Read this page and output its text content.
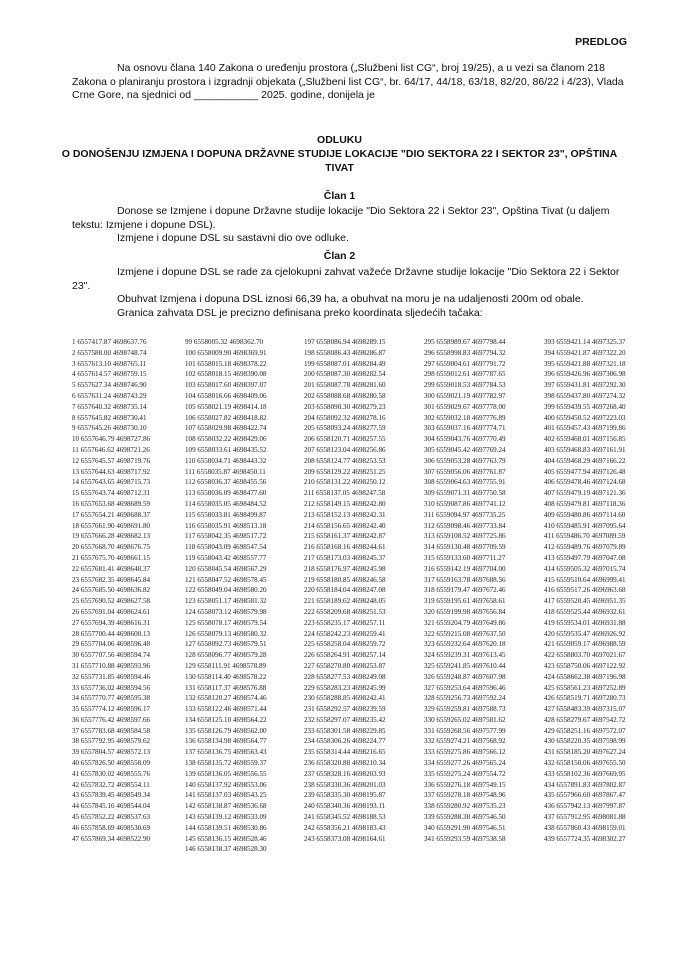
PREDLOG

Na osnovu člana 140 Zakona o uređenju prostora („Službeni list CG“, broj 19/25), a u vezi sa članom 218 Zakona o planiranju prostora i izgradnji objekata („Službeni list CG“, br. 64/17, 44/18, 63/18, 82/20, 86/22 i 4/23), Vlada Crne Gore, na sjednici od ___________ 2025. godine, donijela je

ODLUKU
O DONOŠENJU IZMJENA I DOPUNA DRŽAVNE STUDIJE LOKACIJE "DIO SEKTORA 22 I SEKTOR 23", OPŠTINA TIVAT
Član 1

Donose se Izmjene i dopune Državne studije lokacije "Dio Sektora 22 i Sektor 23", Opština Tivat (u daljem tekstu: Izmjene i dopune DSL).

Izmjene i dopune DSL su sastavni dio ove odluke.

Član 2

Izmjene i dopune DSL se rade za cjelokupni zahvat važeće Državne studije lokacije "Dio Sektora 22 i Sektor 23".

Obuhvat Izmjena i dopuna DSL iznosi 66,39 ha, a obuhvat na moru je na udaljenosti 200m od obale.

Granica zahvata DSL je precizno definisana preko koordinata sljedećih tačaka:

1 6557417.87 4698637.76
2 6557588.00 4698748.74
3 6557613.10 4698765.11
4 6557614.57 4698759.15
5 6557627.34 4698746.90
6 6557631.24 4698743.29
7 6557640.32 4698735.14
8 6557645.82 4698730.41
9 6557645.26 4698730.10
10 6557646.79 4698727.86
11 6557646.62 4698721.26
12 6557645.57 4698719.76
13 6557644.63 4698717.92
14 6557643.65 4698715.73
15 6557643.74 4698712.31
16 6557653.68 4698689.59
17 6557654.21 4698688.37
18 6557661.90 4698691.80
19 6557666.28 4698682.13
20 6557668.70 4698676.75
21 6557675.70 4698661.15
22 6557681.41 4698648.37
23 6557682.35 4698645.84
24 6557685.50 4698636.82
25 6557690.52 4698627.58
26 6557691.04 4698624.61
27 6557694.39 4698616.31
28 6557700.44 4698600.13
29 6557704.06 4698596.48
30 6557707.56 4698594.74
31 6557710.88 4698593.96
32 6557731.85 4698594.46
33 6557736.02 4698594.56
34 6557770.77 4698595.38
35 6557774.12 4698596.17
36 6557776.42 4698597.66
37 6557783.68 4698584.58
38 6557792.95 4698579.62
39 6557804.57 4698572.13
40 6557826.50 4698558.09
41 6557830.02 4698555.76
42 6557832.72 4698554.11
43 6557839.45 4698549.34
44 6557845.16 4698544.04
45 6557852.22 4698537.63
46 6557858.69 4698530.69
47 6557869.34 4698522.90
99 6558005.32 4698362.70
100 6558009.90 4698369.91
101 6558015.18 4698378.22
102 6558018.15 4698390.08
103 6558017.60 4698397.07
104 6558016.66 4698409.06
105 6558021.19 4698414.18
106 6558027.82 4698418.82
107 6558029.98 4698422.74
108 6558032.22 4698429.06
109 6558033.61 4698435.52
110 6558034.71 4698443.32
111 6558035.87 4698450.11
112 6558036.37 4698455.56
113 6558036.09 4698477.60
114 6558035.05 4698484.52
115 6558033.81 4698499.87
116 6558035.91 4698513.18
117 6558042.35 4698517.72
118 6558043.09 4698547.54
119 6558043.42 4698557.77
120 6558045.54 4698567.29
121 6558047.52 4698578.45
122 6558049.04 4698580.20
123 6558051.17 4698581.32
124 6558073.12 4698579.98
125 6558078.17 4698579.54
126 6558079.13 4698580.32
127 6558092.73 4698579.51
128 6558096.77 4698579.28
129 6558111.91 4698578.89
130 6558114.40 4698578.22
131 6558117.37 4698576.88
132 6558120.27 4698574.46
133 6558122.46 4698571.44
134 6558125.10 4698564.22
135 6558126.79 4698562.00
136 6558134.98 4698564.77
137 6558136.75 4698563.43
138 6558135.72 4698559.37
139 6558136.05 4698556.55
140 6558137.92 4698553.06
141 6558137.03 4698543.25
142 6558138.87 4698536.68
143 6558139.12 4698533.09
144 6558139.51 4698530.86
145 6558136.15 4698528.46
146 6558138.37 4698528.30
197 6558086.94 4698289.15
198 6558086.43 4698286.87
199 6558087.01 4698284.49
200 6558087.30 4698282.54
201 6558087.78 4698281.60
202 6558088.68 4698280.58
203 6558090.30 4698279.23
204 6558092.32 4698278.16
205 6558093.24 4698277.59
206 6558120.71 4698257.55
207 6558123.04 4698256.86
208 6558124.77 4698253.53
209 6558129.22 4698251.25
210 6558131.22 4698250.12
211 6558137.05 4698247.58
212 6558149.15 4698242.80
213 6558152.13 4698242.31
214 6558156.65 4698242.40
215 6558161.37 4698242.87
216 6558168.16 4698244.61
217 6558173.03 4698245.37
218 6558176.97 4698245.98
219 6558180.85 4698246.58
220 6558184.04 4698247.08
221 6558189.62 4698248.05
222 6558209.68 4698251.53
223 6558235.17 4698257.11
224 6558242.23 4698259.41
225 6558258.04 4698259.72
226 6558264.91 4698257.14
227 6558270.80 4698253.87
228 6558277.53 4698249.08
229 6558283.23 4698245.99
230 6558288.85 4698242.41
231 6558292.57 4698239.59
232 6558297.07 4698235.42
233 6558301.58 4698229.85
234 6558306.26 4698224.77
235 6558314.44 4698216.65
236 6558320.88 4698210.34
237 6558328.16 4698203.93
238 6558330.36 4698201.03
239 6558335.30 4698195.87
240 6558340.36 4698193.11
241 6558345.52 4698188.53
242 6558356.21 4698183.43
243 6558373.08 4698164.61
295 6558989.67 4697798.44
296 6558998.83 4697794.32
297 6559004.61 4697791.72
298 6559012.61 4697787.65
299 6559018.53 4697784.53
300 6559021.19 4697782.97
301 6559029.67 4697778.00
302 6559032.18 4697776.89
303 6559037.16 4697774.71
304 6559043.76 4697770.49
305 6559045.42 4697769.24
306 6559053.28 4697763.79
307 6559056.06 4697761.87
308 6559064.63 4697755.91
309 6559071.31 4697750.58
310 6559087.86 4697741.12
311 6559094.97 4697735.25
312 6559098.46 4697733.84
313 6559108.52 4697725.86
314 6559130.48 4697709.59
315 6559133.60 4697711.27
316 6559142.19 4697704.00
317 6559163.78 4697688.56
318 6559179.47 4697672.46
319 6559195.61 4697658.61
320 6559199.98 4697656.84
321 6559204.79 4697649.86
322 6559215.08 4697637.50
323 6559232.64 4697620.18
324 6559239.31 4697613.45
325 6559241.85 4697610.44
326 6559248.87 4697607.98
327 6559253.64 4697596.46
328 6559256.73 4697592.24
329 6559259.81 4697588.73
330 6559265.02 4697581.62
331 6559268.56 4697577.99
332 6559274.21 4697568.92
333 6559275.86 4697566.12
334 6559277.26 4697565.24
335 6559275.24 4697554.72
336 6559276.18 4697549.15
337 6559278.18 4697548.96
338 6559280.92 4697535.23
339 6559288.38 4697546.50
340 6559291.90 4697546.51
341 6559293.59 4697538.58
393 6559421.14 4697325.37
394 6559421.87 4697322.20
395 6559421.88 4697321.18
396 6559426.96 4697306.98
397 6559431.81 4697292.30
398 6559437.80 4697274.32
399 6559439.55 4697268.40
400 6559450.52 4697223.03
401 6559457.43 4697199.86
402 6559468.01 4697156.85
403 6559468.83 4697161.91
404 6559468.29 4697166.22
405 6559477.94 4697126.48
406 6559478.46 4697124.68
407 6559479.19 4697121.36
408 6559479.81 4697118.36
409 6559480.86 4697114.60
410 6559485.91 4697095.64
411 6559486.70 4697089.59
412 6559489.76 4697079.89
413 6559497.79 4697047.08
414 6559505.32 4697015.74
415 6559510.64 4696999.41
416 6559517.26 4696963.68
417 6559520.45 4696951.35
418 6559525.44 4696932.61
419 6559534.01 4696931.88
420 6559535.47 4696926.92
421 6559059.17 4696988.59
422 6558803.70 4697021.67
423 6558750.06 4697122.92
424 6558662.38 4697196.98
425 6558561.23 4697252.89
426 6558519.71 4697280.73
427 6558483.39 4697315.07
428 6558279.67 4697542.72
429 6558251.16 4697572.07
430 6558220.35 4697598.99
431 6558185.20 4697627.24
432 6558150.06 4697655.50
433 6558102.36 4697669.95
434 6557891.83 4697802.87
435 6557966.60 4697867.47
436 6557942.13 4697997.87
437 6557912.95 4698081.88
438 6557860.43 4698159.01
439 6557724.35 4698302.27
